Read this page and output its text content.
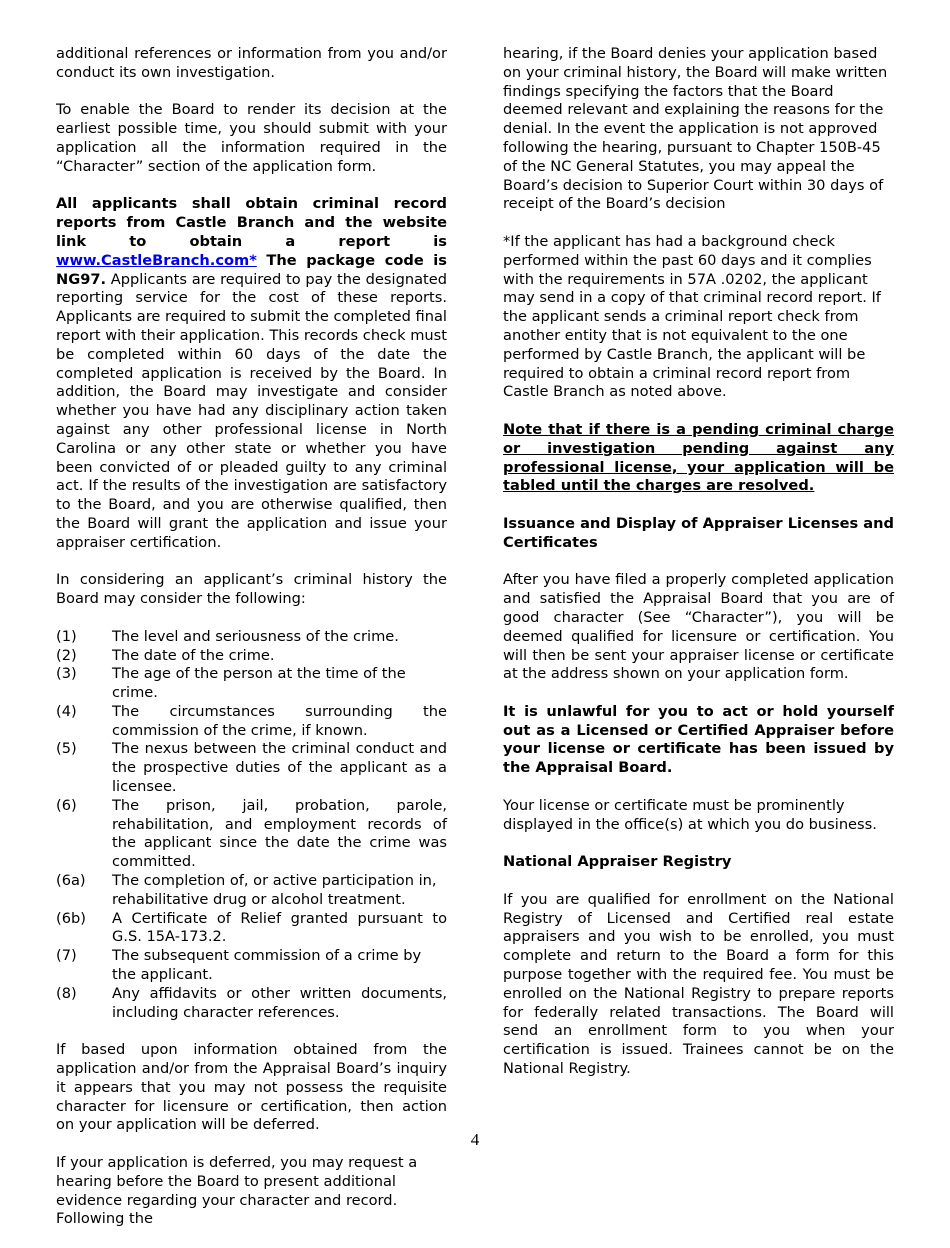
additional references or information from you and/or conduct its own investigation.

To enable the Board to render its decision at the earliest possible time, you should submit with your application all the information required in the “Character” section of the application form.

All applicants shall obtain criminal record reports from Castle Branch and the website link to obtain a report is www.CastleBranch.com* The package code is NG97. Applicants are required to pay the designated reporting service for the cost of these reports. Applicants are required to submit the completed final report with their application. This records check must be completed within 60 days of the date the completed application is received by the Board. In addition, the Board may investigate and consider whether you have had any disciplinary action taken against any other professional license in North Carolina or any other state or whether you have been convicted of or pleaded guilty to any criminal act. If the results of the investigation are satisfactory to the Board, and you are otherwise qualified, then the Board will grant the application and issue your appraiser certification.

In considering an applicant’s criminal history the Board may consider the following:

(1)	The level and seriousness of the crime.
(2)	The date of the crime.
(3)	The age of the person at the time of the crime.
(4)	The circumstances surrounding the commission of the crime, if known.
(5)	The nexus between the criminal conduct and the prospective duties of the applicant as a licensee.
(6)	The prison, jail, probation, parole, rehabilitation, and employment records of the applicant since the date the crime was committed.
(6a)	The completion of, or active participation in, rehabilitative drug or alcohol treatment.
(6b)	A Certificate of Relief granted pursuant to G.S. 15A-173.2.
(7)	The subsequent commission of a crime by the applicant.
(8)	Any affidavits or other written documents, including character references.

If based upon information obtained from the application and/or from the Appraisal Board’s inquiry it appears that you may not possess the requisite character for licensure or certification, then action on your application will be deferred.

If your application is deferred, you may request a hearing before the Board to present additional evidence regarding your character and record. Following the

hearing, if the Board denies your application based on your criminal history, the Board will make written findings specifying the factors that the Board deemed relevant and explaining the reasons for the denial. In the event the application is not approved following the hearing, pursuant to Chapter 150B-45 of the NC General Statutes, you may appeal the Board’s decision to Superior Court within 30 days of receipt of the Board’s decision

*If the applicant has had a background check performed within the past 60 days and it complies with the requirements in 57A .0202, the applicant may send in a copy of that criminal record report. If the applicant sends a criminal report check from another entity that is not equivalent to the one performed by Castle Branch, the applicant will be required to obtain a criminal record report from Castle Branch as noted above.

Note that if there is a pending criminal charge or investigation pending against any professional license, your application will be tabled until the charges are resolved.

Issuance and Display of Appraiser Licenses and Certificates

After you have filed a properly completed application and satisfied the Appraisal Board that you are of good character (See “Character”), you will be deemed qualified for licensure or certification. You will then be sent your appraiser license or certificate at the address shown on your application form.

It is unlawful for you to act or hold yourself out as a Licensed or Certified Appraiser before your license or certificate has been issued by the Appraisal Board.

Your license or certificate must be prominently displayed in the office(s) at which you do business.

National Appraiser Registry

If you are qualified for enrollment on the National Registry of Licensed and Certified real estate appraisers and you wish to be enrolled, you must complete and return to the Board a form for this purpose together with the required fee. You must be enrolled on the National Registry to prepare reports for federally related transactions. The Board will send an enrollment form to you when your certification is issued. Trainees cannot be on the National Registry.

4
